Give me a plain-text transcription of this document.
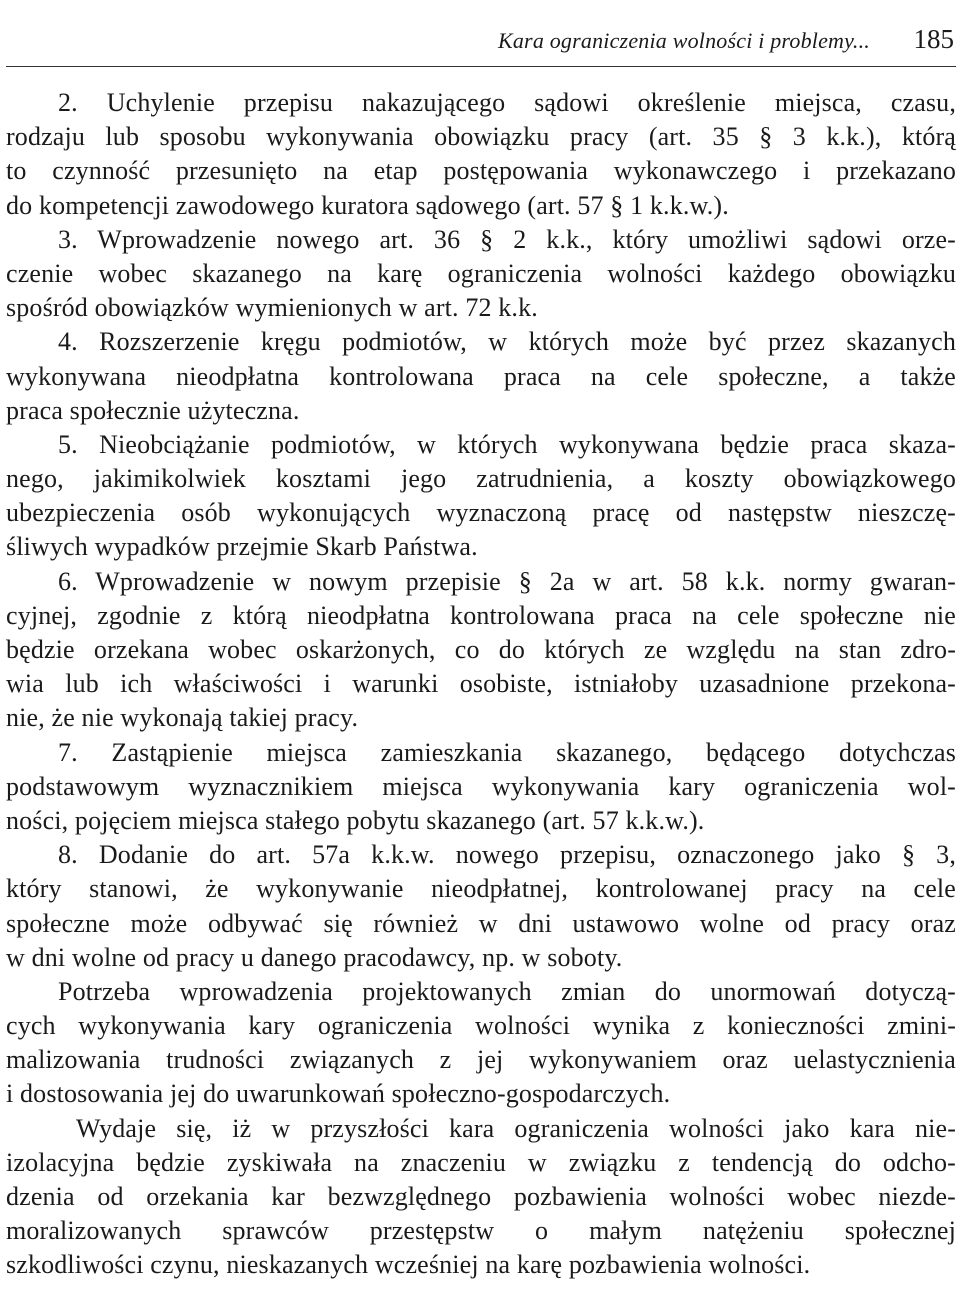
Kara ograniczenia wolności i problemy... 185
2. Uchylenie przepisu nakazującego sądowi określenie miejsca, czasu,
rodzaju lub sposobu wykonywania obowiązku pracy (art. 35 § 3 k.k.), którą
to czynność przesunięto na etap postępowania wykonawczego i przekazano
do kompetencji zawodowego kuratora sądowego (art. 57 § 1 k.k.w.).
3. Wprowadzenie nowego art. 36 § 2 k.k., który umożliwi sądowi orze-
czenie wobec skazanego na karę ograniczenia wolności każdego obowiązku
spośród obowiązków wymienionych w art. 72 k.k.
4. Rozszerzenie kręgu podmiotów, w których może być przez skazanych
wykonywana nieodpłatna kontrolowana praca na cele społeczne, a także
praca społecznie użyteczna.
5. Nieobciążanie podmiotów, w których wykonywana będzie praca skaza-
nego, jakimikolwiek kosztami jego zatrudnienia, a koszty obowiązkowego
ubezpieczenia osób wykonujących wyznaczoną pracę od następstw nieszczę-
śliwych wypadków przejmie Skarb Państwa.
6. Wprowadzenie w nowym przepisie § 2a w art. 58 k.k. normy gwaran-
cyjnej, zgodnie z którą nieodpłatna kontrolowana praca na cele społeczne nie
będzie orzekana wobec oskarżonych, co do których ze względu na stan zdro-
wia lub ich właściwości i warunki osobiste, istniałoby uzasadnione przekona-
nie, że nie wykonają takiej pracy.
7. Zastąpienie miejsca zamieszkania skazanego, będącego dotychczas
podstawowym wyznacznikiem miejsca wykonywania kary ograniczenia wol-
ności, pojęciem miejsca stałego pobytu skazanego (art. 57 k.k.w.).
8. Dodanie do art. 57a k.k.w. nowego przepisu, oznaczonego jako § 3,
który stanowi, że wykonywanie nieodpłatnej, kontrolowanej pracy na cele
społeczne może odbywać się również w dni ustawowo wolne od pracy oraz
w dni wolne od pracy u danego pracodawcy, np. w soboty.
Potrzeba wprowadzenia projektowanych zmian do unormowań dotyczą-
cych wykonywania kary ograniczenia wolności wynika z konieczności zmini-
malizowania trudności związanych z jej wykonywaniem oraz uelastycznienia
i dostosowania jej do uwarunkowań społeczno-gospodarczych.
Wydaje się, iż w przyszłości kara ograniczenia wolności jako kara nie-
izolacyjna będzie zyskiwała na znaczeniu w związku z tendencją do odcho-
dzenia od orzekania kar bezwzględnego pozbawienia wolności wobec niezde-
moralizowanych sprawców przestępstw o małym natężeniu społecznej
szkodliwości czynu, nieskazanych wcześniej na karę pozbawienia wolności.
